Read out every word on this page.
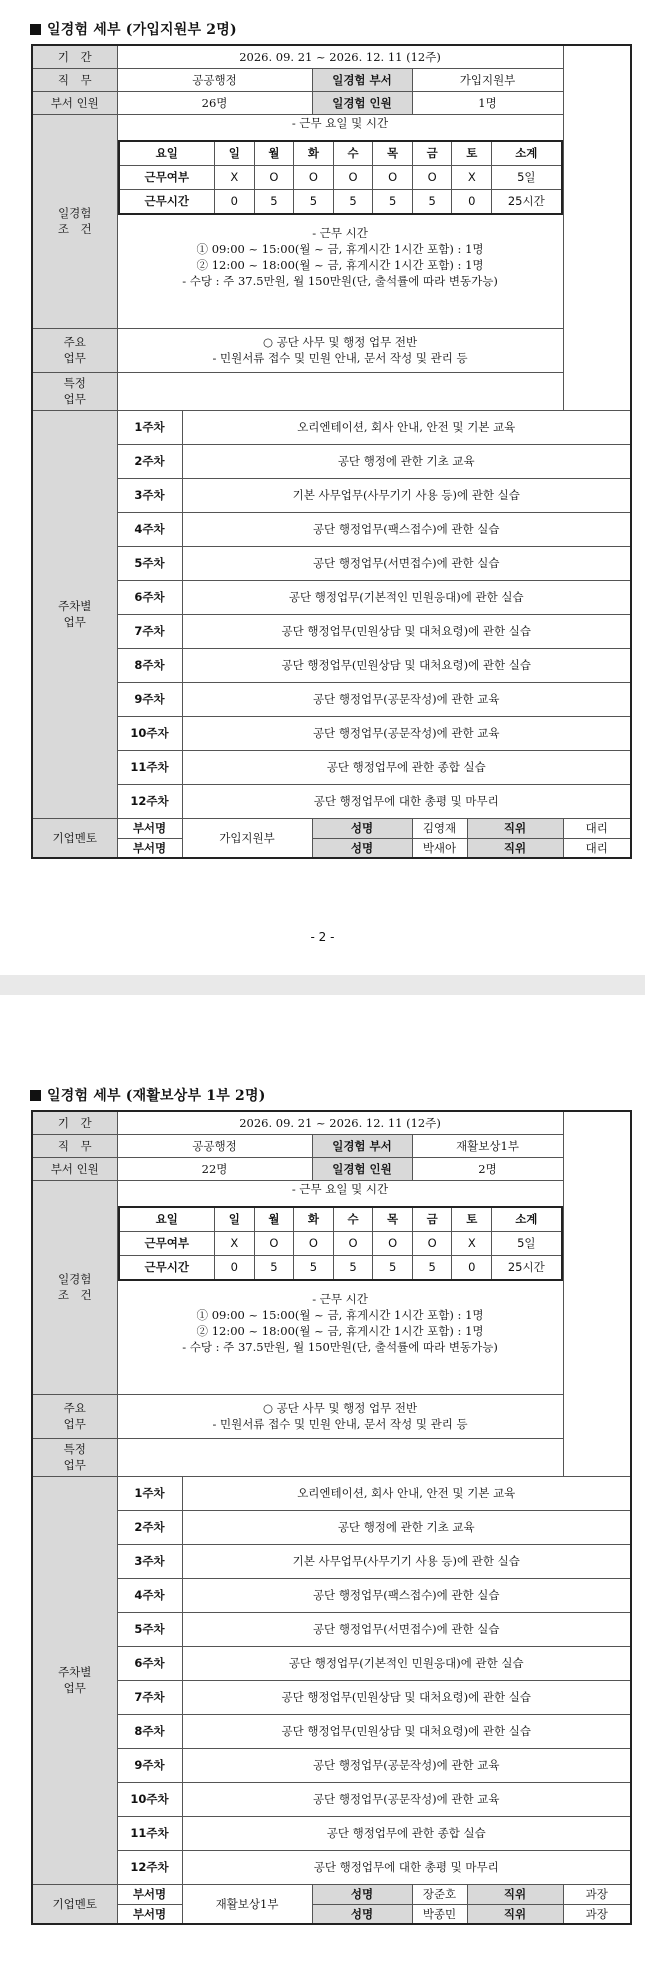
일경험 세부 (가입지원부 2명)
기　간	2026. 09. 21 ~ 2026. 12. 11 (12주)
직　무	공공행정	일경험 부서	가입지원부
부서 인원	26명	일경험 인원	1명
일경험
조　건	
- 근무 요일 및 시간
요일	일	월	화	수	목	금	토	소계
근무여부	X	O	O	O	O	O	X	5일
근무시간	0	5	5	5	5	5	0	25시간
- 근무 시간
① 09:00 ~ 15:00(월 ~ 금, 휴게시간 1시간 포함) : 1명
② 12:00 ~ 18:00(월 ~ 금, 휴게시간 1시간 포함) : 1명
- 수당 : 주 37.5만원, 월 150만원(단, 출석률에 따라 변동가능)

주요
업무	
○ 공단 사무 및 행정 업무 전반
- 민원서류 접수 및 민원 안내, 문서 작성 및 관리 등

특정
업무	
주차별
업무	1주차	오리엔테이션, 회사 안내, 안전 및 기본 교육
2주차	공단 행정에 관한 기초 교육
3주차	기본 사무업무(사무기기 사용 등)에 관한 실습
4주차	공단 행정업무(팩스접수)에 관한 실습
5주차	공단 행정업무(서면접수)에 관한 실습
6주차	공단 행정업무(기본적인 민원응대)에 관한 실습
7주차	공단 행정업무(민원상담 및 대처요령)에 관한 실습
8주차	공단 행정업무(민원상담 및 대처요령)에 관한 실습
9주차	공단 행정업무(공문작성)에 관한 교육
10주자	공단 행정업무(공문작성)에 관한 교육
11주차	공단 행정업무에 관한 종합 실습
12주차	공단 행정업무에 대한 총평 및 마무리
기업멘토	부서명	가입지원부	성명	김영재	직위	대리
부서명	성명	박새아	직위	대리
- 2 -
일경험 세부 (재활보상부 1부 2명)
기　간	2026. 09. 21 ~ 2026. 12. 11 (12주)
직　무	공공행정	일경험 부서	재활보상1부
부서 인원	22명	일경험 인원	2명
일경험
조　건	
- 근무 요일 및 시간
요일	일	월	화	수	목	금	토	소계
근무여부	X	O	O	O	O	O	X	5일
근무시간	0	5	5	5	5	5	0	25시간
- 근무 시간
① 09:00 ~ 15:00(월 ~ 금, 휴게시간 1시간 포함) : 1명
② 12:00 ~ 18:00(월 ~ 금, 휴게시간 1시간 포함) : 1명
- 수당 : 주 37.5만원, 월 150만원(단, 출석률에 따라 변동가능)

주요
업무	
○ 공단 사무 및 행정 업무 전반
- 민원서류 접수 및 민원 안내, 문서 작성 및 관리 등

특정
업무	
주차별
업무	1주차	오리엔테이션, 회사 안내, 안전 및 기본 교육
2주차	공단 행정에 관한 기초 교육
3주차	기본 사무업무(사무기기 사용 등)에 관한 실습
4주차	공단 행정업무(팩스접수)에 관한 실습
5주차	공단 행정업무(서면접수)에 관한 실습
6주차	공단 행정업무(기본적인 민원응대)에 관한 실습
7주차	공단 행정업무(민원상담 및 대처요령)에 관한 실습
8주차	공단 행정업무(민원상담 및 대처요령)에 관한 실습
9주차	공단 행정업무(공문작성)에 관한 교육
10주차	공단 행정업무(공문작성)에 관한 교육
11주차	공단 행정업무에 관한 종합 실습
12주차	공단 행정업무에 대한 총평 및 마무리
기업멘토	부서명	재활보상1부	성명	장준호	직위	과장
부서명	성명	박종민	직위	과장
